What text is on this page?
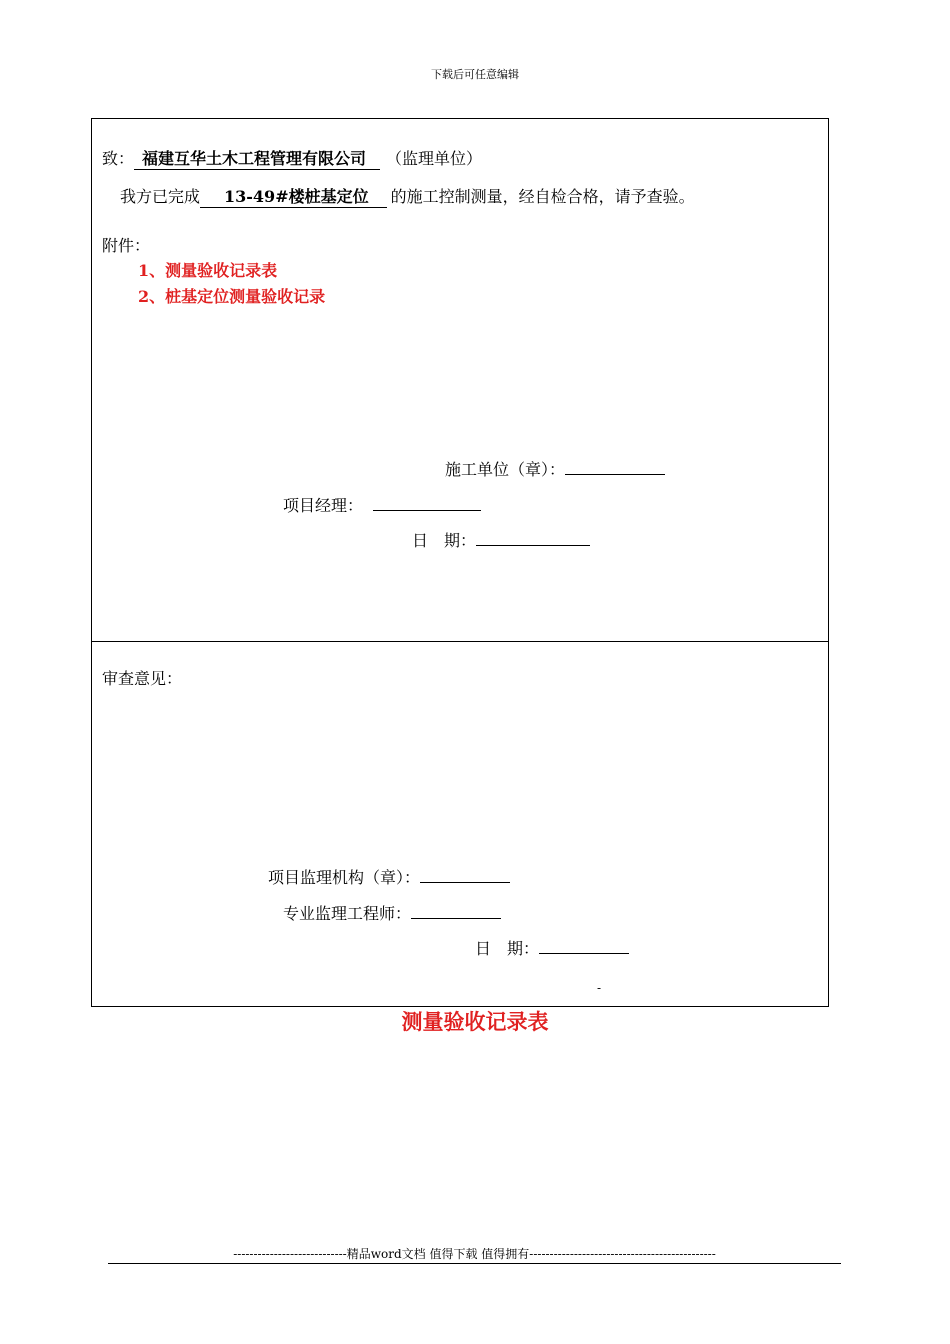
下载后可任意编辑
致： 福建互华土木工程管理有限公司 （监理单位）
我方已完成 13-49#楼桩基定位 的施工控制测量，经自检合格，请予查验。
附件：
1、测量验收记录表
2、桩基定位测量验收记录
施工单位（章）：
项目经理：
日　期：
审查意见：
项目监理机构（章）：
专业监理工程师：
日　期：
-
测量验收记录表
----------------------------精品word文档 值得下载 值得拥有----------------------------------------------
